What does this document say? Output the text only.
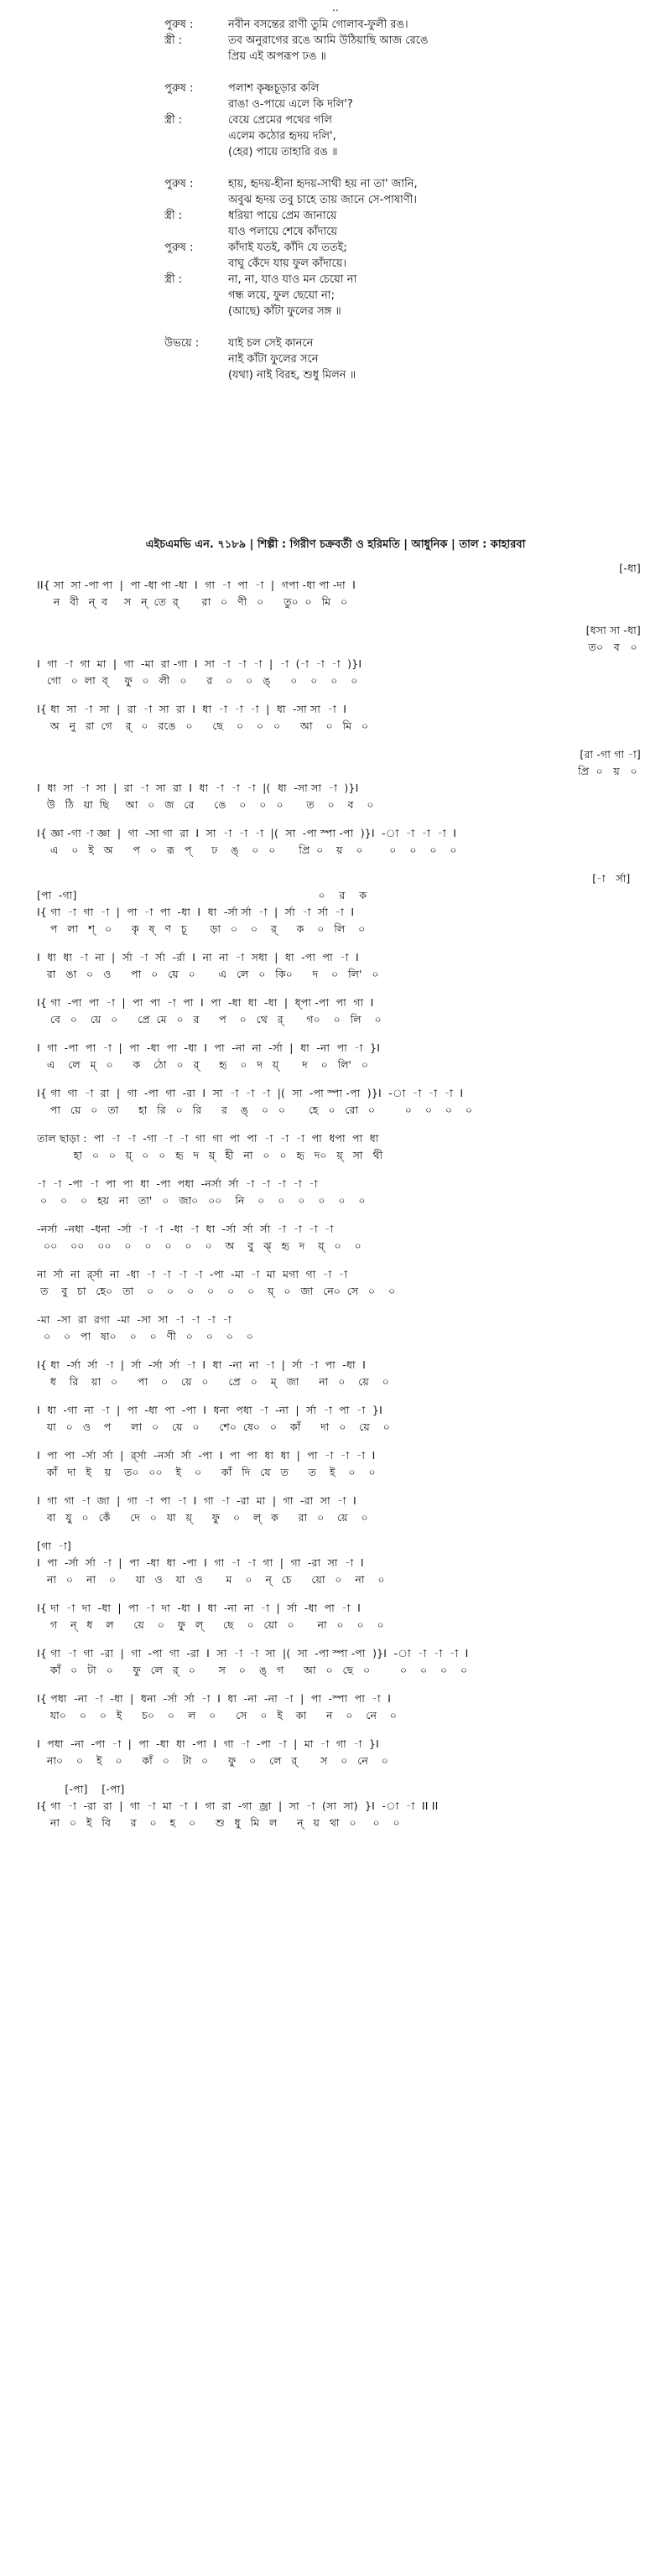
..
পুরুষ :	নবীন বসন্তের রাণী তুমি গোলাব-ফুলী রঙ।
স্ত্রী :	তব অনুরাগের রঙে আমি উঠিয়াছি আজ রেঙে
প্রিয় এই অপরূপ ঢঙ ॥
পুরুষ :	পলাশ কৃষ্ণচূড়ার কলি
রাঙা ও-পায়ে এলে কি দলি'?
স্ত্রী :	বেয়ে প্রেমের পথের গলি
এলেম কঠোর হৃদয় দলি',
(হের) পায়ে তাহারি রঙ ॥
পুরুষ :	হায়, হৃদয়-হীনা হৃদয়-সাথী হয় না তা' জানি,
অবুঝ হৃদয় তবু চাহে তায় জানে সে-পাষাণী।
স্ত্রী :	ধরিয়া পায়ে প্রেম জানায়ে
যাও পলায়ে শেষে কাঁদায়ে
পুরুষ :	কাঁদাই যতই, কাঁদি যে ততই;
বাঘু কেঁদে যায় ফুল কাঁদায়ে।
স্ত্রী :	না, না, যাও যাও মন চেয়ো না
গন্ধ লয়ে, ফুল ছেয়ো না;
(আছে) কাঁটা ফুলের সঙ্গ ॥
উভয়ে :	যাই চল সেই কাননে
নাই কাঁটা ফুলের সনে
(যথা) নাই বিরহ, শুধু মিলন ॥
এইচএমভি এন. ৭১৮৯ | শিল্পী : গিরীণ চক্রবর্তী ও হরিমতি | আধুনিক | তাল : কাহারবা
[-ধা]
II{ সা  সা -পা পা  |  পা -ধা পা -ধা  I  গা  -া  পা  -া  |  গপা -ধা পা -দা  I
ন   বী   ন্  ব     স   ন্  তে  র্       রা   ০   ণী   ০      তু০  ০   মি   ০
[ধসা সা -ধা]
ত০   ব   ০
I  গা  -া  গা  মা  |  গা  -মা  রা -গা  I  সা  -া  -া  -া  |  -া  (-া  -া  -া  )}I
গো   ০  লা  ব্     ফু   ০   লী   ০      র    ০    ০   ঙ্      ০    ০    ০    ০
I{ ধা  সা  -া  সা  |  রা  -া  সা  রা  I  ধা  -া  -া  -া  |  ধা  -সা সা  -া  I
অ   নু   রা  গে    র্   ০   রঙে   ০      ছে    ০    ০   ০      আ    ০   মি   ০
[রা -গা গা -া]
প্রি  ০   য়   ০
I  ধা  সা  -া  সা  |  রা  -া  সা  রা  I  ধা  -া  -া  -া  |(  ধা  -সা সা  -া  )}I
উ   ঠি   য়া  ছি     আ   ০   জ   রে      ঙে    ০    ০   ০       ত    ০    ব    ০
I{ জ্ঞা -গা -া জ্ঞা  |  গা  -সা গা  রা  I  সা  -া  -া  -া  |(  সা  -পা স্পা -পা  )}I  -া  -া  -া  -া  I
এ    ০   ই   অ      প   ০   রূ   প্      ঢ    ঙ্    ০   ০       প্রি  ০    য়    ০        ০    ০    ০    ০
[-া   র্সা]
[পা  -গা]                                                                     ০    র    ক
I{ গা  -া  গা  -া  |  পা  -া  পা  -ধা  I  ধা  -র্সা র্সা  -া  |  র্সা  -া  র্সা  -া  I
প   লা   শ্   ০      কৃ   ষ্   ণ   চূ       ড়া   ০    ০    র্      ক    ০   লি    ০
I  ধা  ধা  -া  না  |  র্সা  -া  র্সা  -র্রা  I  না  না  -া  সধা  |  ধা  -পা  পা  -া  I
রা   ঙা   ০   ও      পা   ০   য়ে   ০       এ   লে   ০   কি০      দ    ০   লি'   ০
I{ গা  -পা  পা  -া  |  পা  পা  -া  পা  I  পা  -ধা  ধা  -ধা  |  ধ্পা -পা  পা  গা  I
বে   ০    য়ে   ০      প্রে  মে   ০   র      প    ০   থে   র্       গ০    ০   লি    ০
I  গা  -পা  পা  -া  |  পা  -ধা  পা  -ধা  I  পা  -না  না  -র্সা  |  ধা  -না  পা  -া  }I
এ    লে   ম্   ০      ক    ঠো   ০   র্      হৃ    ০   দ   য়্       দ    ০   লি'   ০
I{ গা  গা  -া  রা  |  গা  -পা  গা  -রা  I  সা  -া  -া  -া  |(  সা  -পা স্পা -পা  )}I  -া  -া  -া  -া  I
পা   য়ে   ০   তা      হা   রি   ০   রি      র    ঙ্    ০   ০       হে   ০   রো   ০         ০    ০    ০    ০
তাল ছাড়া :  পা  -া  -া  -গা  -া  -া  গা  গা  পা  পা  -া  -া  -া  পা  ধপা  পা  ধা
হা   ০   ০   য়্   ০   ০   হৃ   দ   য়্   হী   না   ০   ০   হৃ   দ০   য়্   সা   থী
-া  -া  -পা  -া  পা  পা  ধা  -পা  পধা  -নর্সা  র্সা  -া  -া  -া  -া  -া
০    ০    ০   হয়   না   তা'   ০   জা০   ০০    নি    ০    ০    ০    ০    ০    ০
-নর্সা  -নধা  -ধনা  -র্সা  -া  -া  -ধা  -া  ধা  -র্সা  র্সা  র্সা  -া  -া  -া  -া
০০    ০০    ০০    ০    ০    ০    ০    ০    অ    বু   ঝ্   হৃ   দ    য়্   ০    ০
না  র্সা  না  র্র্সা  না  -ধা  -া  -া  -া  -া  -পা  -মা  -া  মা  মগা  গা  -া  -া
ত    বু   চা   হে০   তা    ০    ০    ০    ০    ০    ০    য়্   ০   জা   নে০  সে   ০    ০
-মা  -সা  রা  রগা  -মা  -সা  সা  -া  -া  -া  -া
০    ০   পা   ষা০    ০    ০   ণী   ০    ০    ০    ০
I{ ধা  -র্সা  র্সা  -া  |  র্সা  -র্সা  র্সা  -া  I  ধা  -না  না  -া  |  র্সা  -া  পা  -ধা  I
ধ    রি    য়া   ০      পা    ০    য়ে   ০      প্রে   ০    ম্   জা      না   ০    য়ে    ০
I  ধা  -গা  না  -া  |  পা  -ধা  পা  -পা  I  ধনা  পধা  -া  -না  |  র্সা  -া  পা  -া  }I
যা   ০   ও    প      লা   ০    য়ে   ০      শে০  ষে০   ০    কাঁ      দা   ০    য়ে    ০
I  পা  পা  -র্সা  র্সা  |  র্র্সা  -নর্সা  র্সা  -পা  I  পা  পা  ধা  ধা  |  পা  -া  -া  -া  I
কাঁ   দা   ই    য়    ত০   ০০    ই    ০      কাঁ   দি   যে   ত      ত    ই    ০    ০
I  গা  গা  -া  জা  |  গা  -া  পা  -া  I  গা  -া  -রা  মা  |  গা  -রা  সা  -া  I
বা   যু   ০   কেঁ      দে   ০   যা   য়্      ফু    ০    ল্   ক      রা   ০    য়ে    ০
[গা  -া]
I  পা  -র্সা  র্সা  -া  |  পা  -ধা  ধা  -পা  I  গা  -া  -া  গা  |  গা  -রা  সা  -া  I
না   ০    না    ০      যা   ও    যা   ও       ম    ০    ন্   চে      য়ো   ০    না    ০
I{ দা  -া  দা  -ধা  |  পা  -া  দা  -ধা  I  ধা  -না  না  -া  |  র্সা  -ধা  পা  -া  I
গ    ন্   ধ    ল      য়ে    ০    ফু   ল্      ছে    ০   য়ো   ০       না   ০    ০    ০
I{ গা  -া  গা  -রা  |  গা  -পা  গা  -রা  I  সা  -া  -া  সা  |(  সা  -পা স্পা -পা  )}I  -া  -া  -া  -া  I
কাঁ   ০   টা   ০      ফু   লে   র্   ০       স    ০    ঙ্   গ      আ   ০   ছে   ০         ০    ০    ০    ০
I{ পধা  -না  -া  -ধা  |  ধনা  -র্সা  র্সা  -া  I  ধা  -না  -না  -া  |  পা  -স্পা  পা  -া  I
যা০    ০    ০   ই      চ০    ০    ল    ০      সে    ০   ই    কা      ন    ০    নে    ০
I  পধা  -না  -পা  -া  |  পা  -ধা  ধা  -পা  I  গা  -া  -পা  -া  |  মা  -া  গা  -া  }I
না০    ০    ই    ০      কাঁ   ০    টা   ০      ফু    ০    লে   র্       স    ০   নে    ০
[-পা]    [-পা]
I{ গা  -া  -রা  রা  |  গা  -া  মা  -া  I  গা  রা  -গা  জ্রা  |  সা  -া  (সা  সা)  }I  -া  -া  II II
না   ০   ই   বি      র    ০    হ    ০      শু   ধু   মি   ল      ন্   য়   থা   ০     ০    ০
